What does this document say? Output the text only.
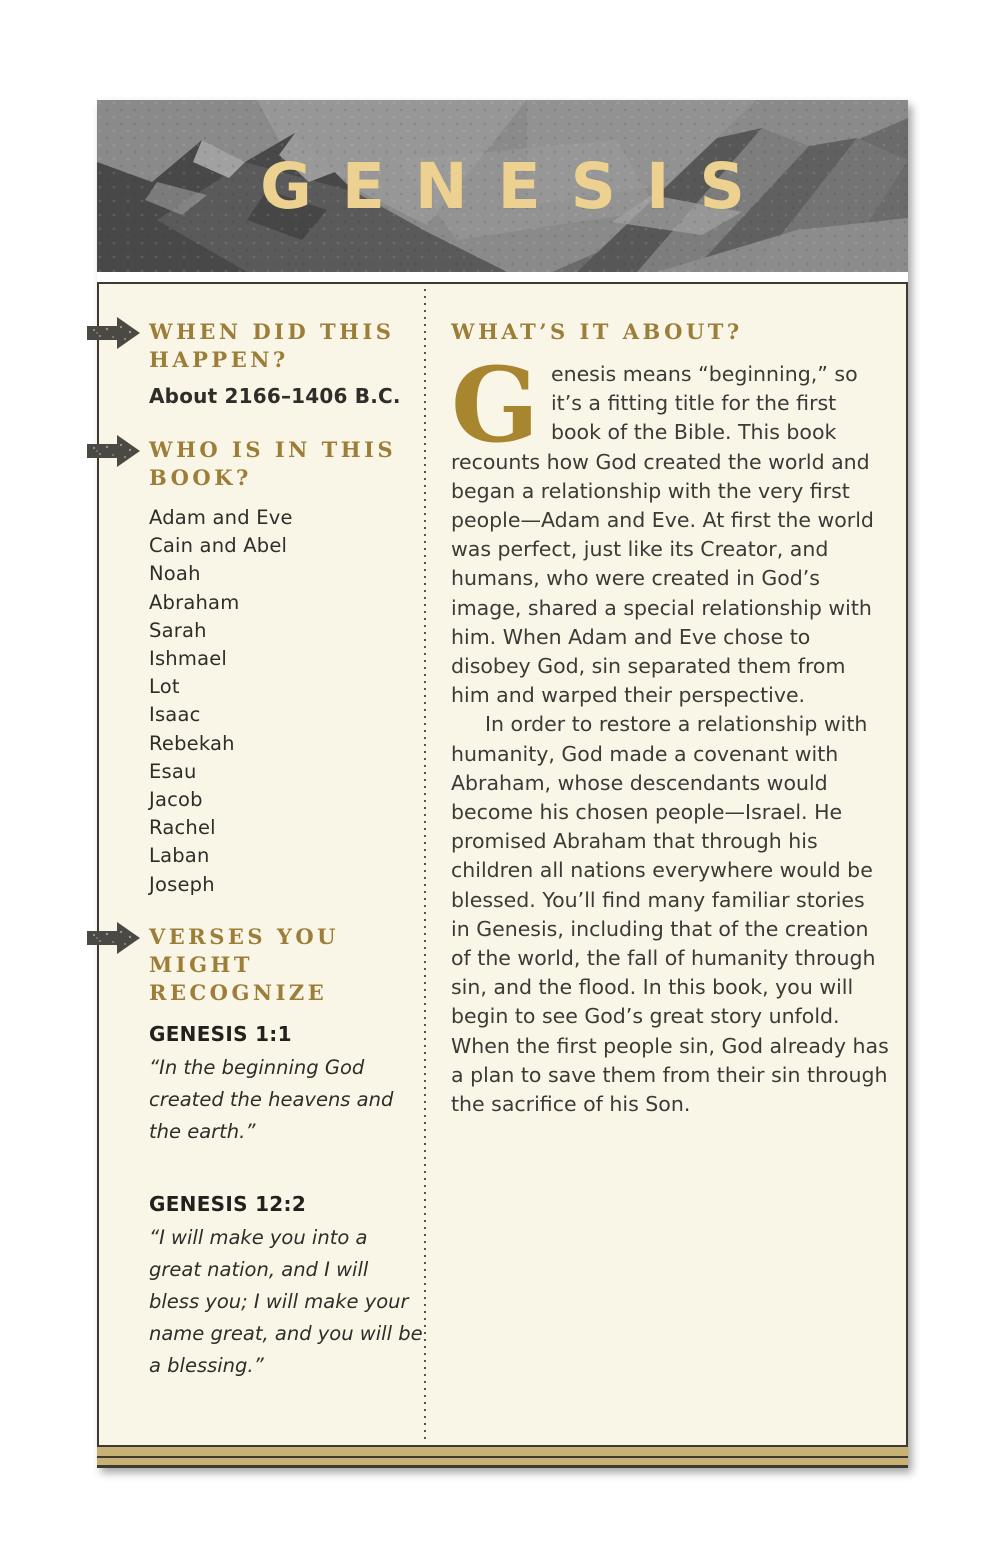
GENESIS
WHEN DID THIS HAPPEN?

About 2166–1406 B.C.

WHO IS IN THIS BOOK?
Adam and Eve
Cain and Abel
Noah
Abraham
Sarah
Ishmael
Lot
Isaac
Rebekah
Esau
Jacob
Rachel
Laban
Joseph
VERSES YOU MIGHT RECOGNIZE

GENESIS 1:1

“In the beginning God created the heavens and the earth.”

GENESIS 12:2

“I will make you into a great nation, and I will bless you; I will make your name great, and you will be a blessing.”

WHAT’S IT ABOUT?

Genesis means “beginning,” so it’s a fitting title for the first book of the Bible. This book recounts how God created the world and began a relationship with the very first people—Adam and Eve. At first the world was perfect, just like its Creator, and humans, who were created in God’s image, shared a special relationship with him. When Adam and Eve chose to disobey God, sin separated them from him and warped their perspective.

In order to restore a relationship with humanity, God made a covenant with Abraham, whose descendants would become his chosen people—Israel. He promised Abraham that through his children all nations everywhere would be blessed. You’ll find many familiar stories in Genesis, including that of the creation of the world, the fall of humanity through sin, and the flood. In this book, you will begin to see God’s great story unfold. When the first people sin, God already has a plan to save them from their sin through the sacrifice of his Son.
